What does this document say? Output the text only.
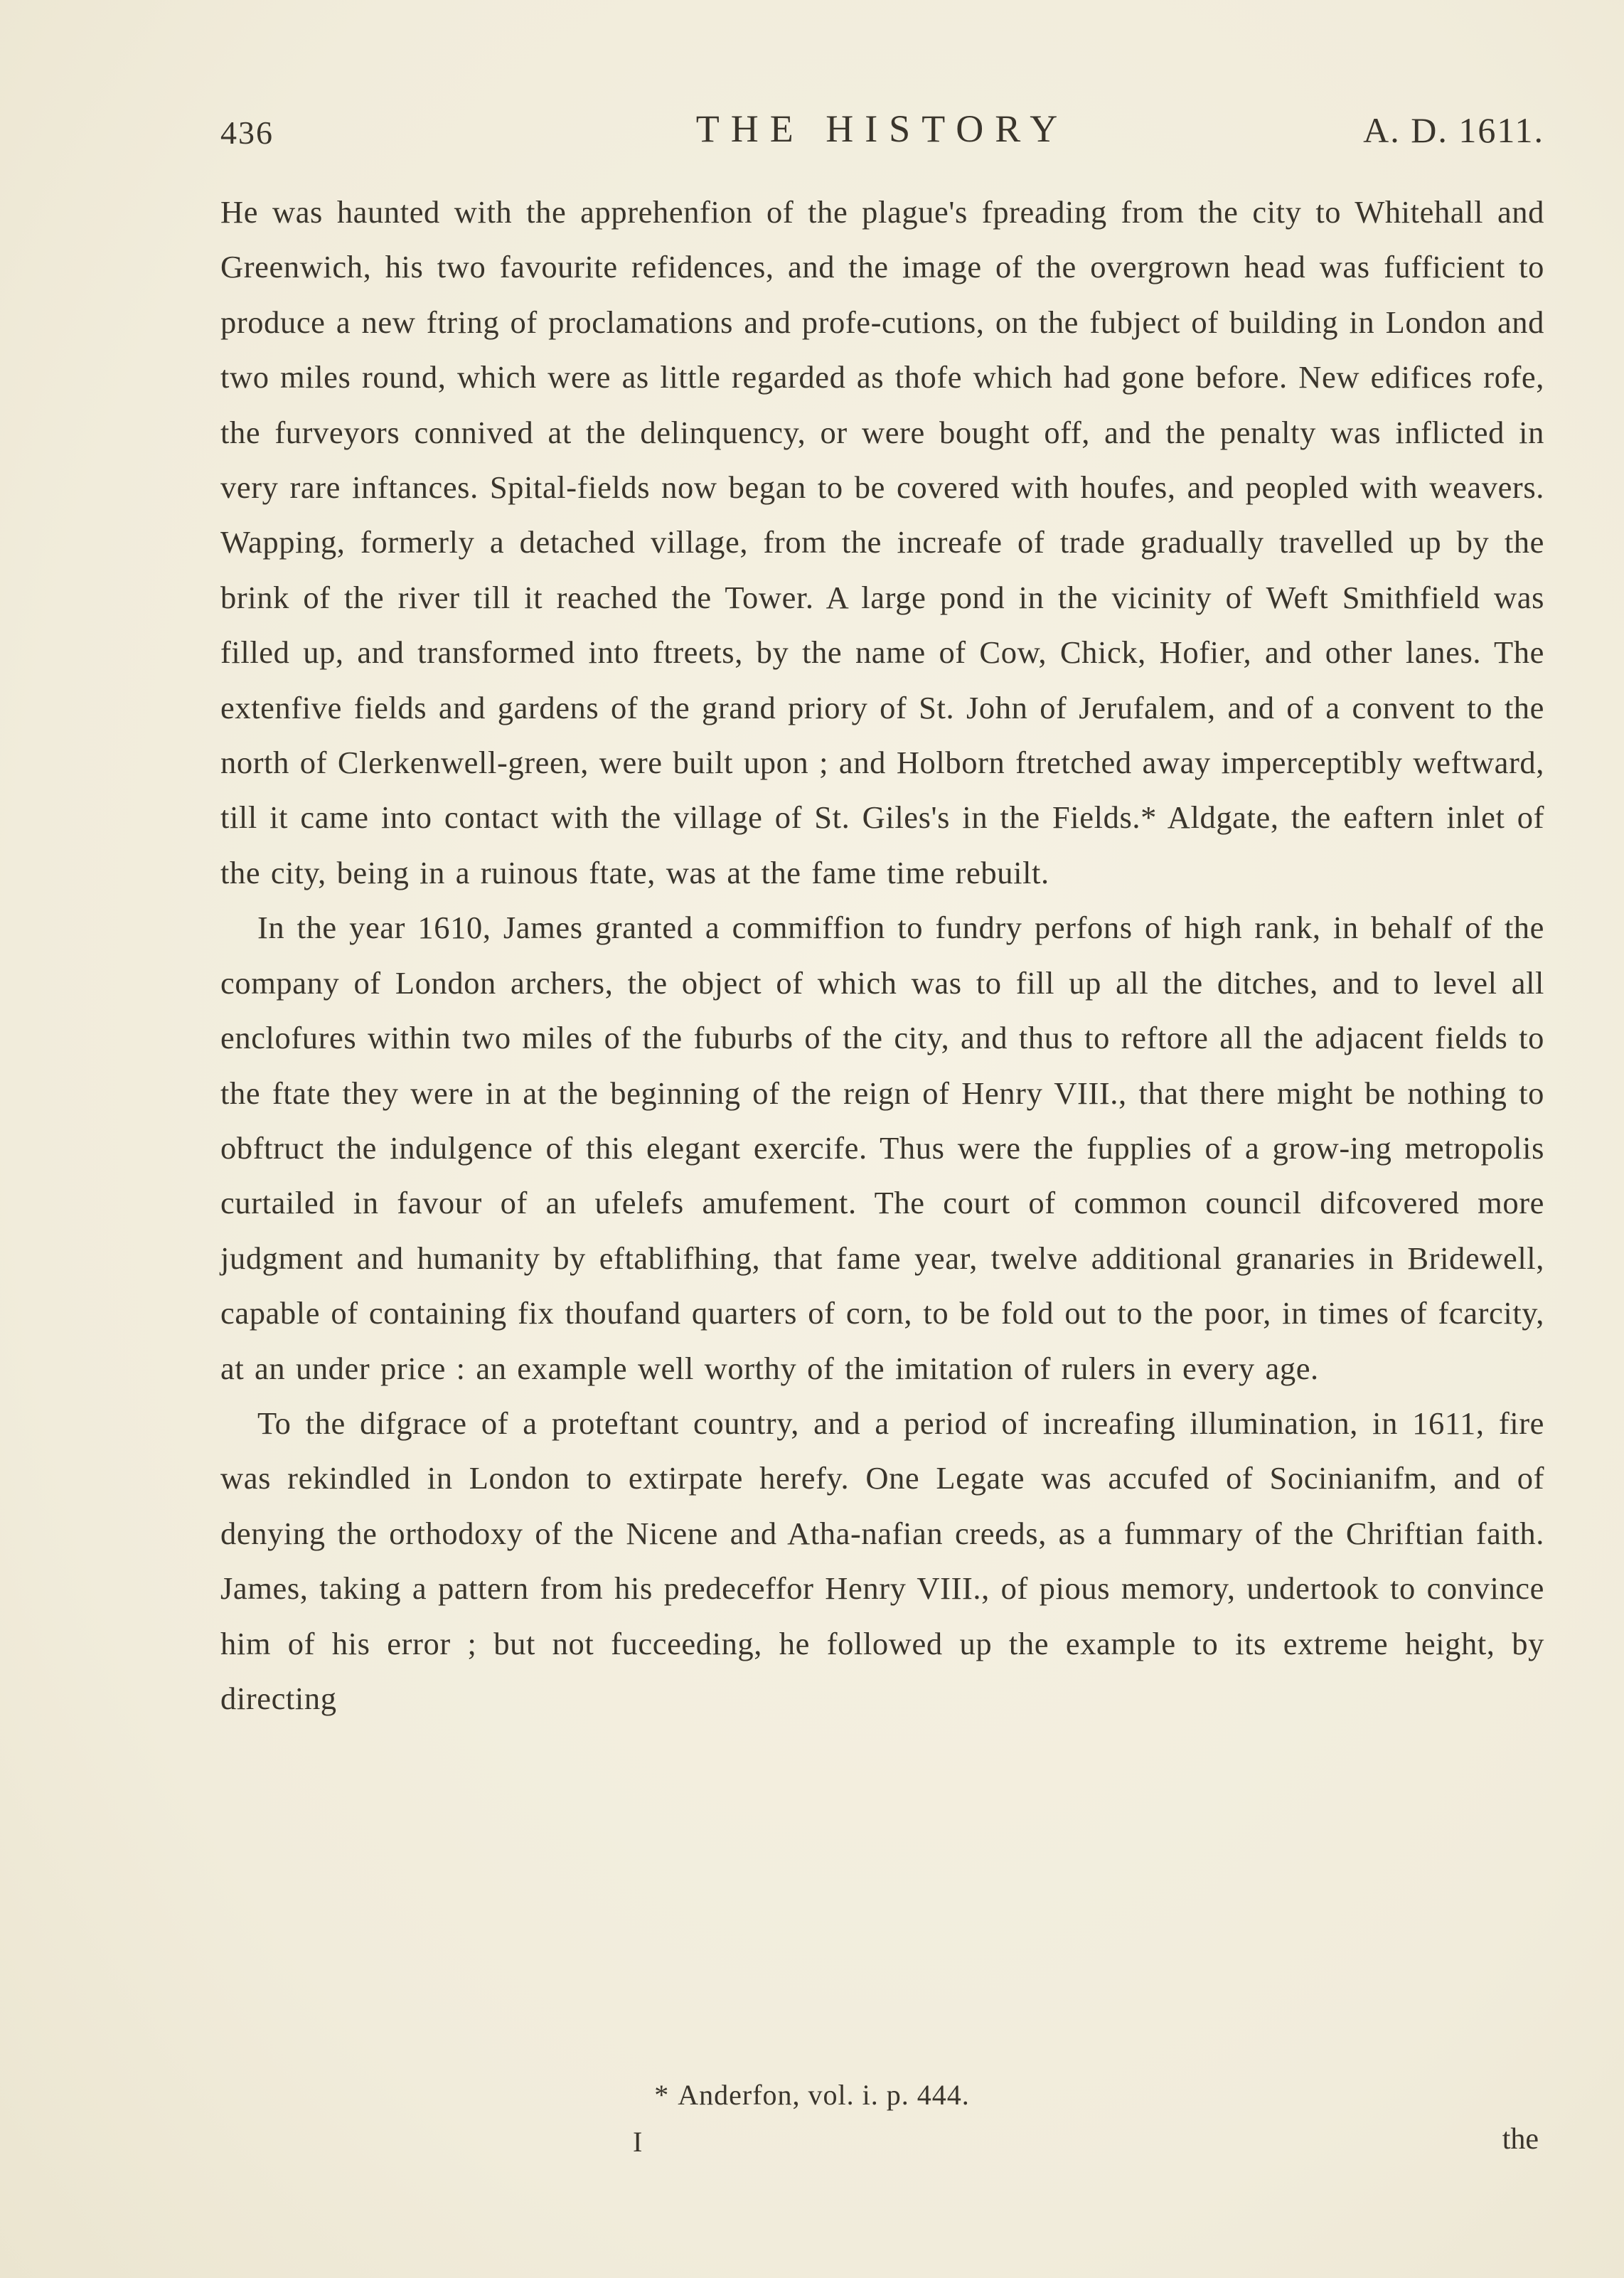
436	THE HISTORY	A. D. 1611.

He was haunted with the apprehenfion of the plague's fpreading from the city to Whitehall and Greenwich, his two favourite refidences, and the image of the overgrown head was fufficient to produce a new ftring of proclamations and profe-cutions, on the fubject of building in London and two miles round, which were as little regarded as thofe which had gone before. New edifices rofe, the furveyors connived at the delinquency, or were bought off, and the penalty was inflicted in very rare inftances. Spital-fields now began to be covered with houfes, and peopled with weavers. Wapping, formerly a detached village, from the increafe of trade gradually travelled up by the brink of the river till it reached the Tower. A large pond in the vicinity of Weft Smithfield was filled up, and transformed into ftreets, by the name of Cow, Chick, Hofier, and other lanes. The extenfive fields and gardens of the grand priory of St. John of Jerufalem, and of a convent to the north of Clerkenwell-green, were built upon ; and Holborn ftretched away imperceptibly weftward, till it came into contact with the village of St. Giles's in the Fields.* Aldgate, the eaftern inlet of the city, being in a ruinous ftate, was at the fame time rebuilt.

In the year 1610, James granted a commiffion to fundry perfons of high rank, in behalf of the company of London archers, the object of which was to fill up all the ditches, and to level all enclofures within two miles of the fuburbs of the city, and thus to reftore all the adjacent fields to the ftate they were in at the beginning of the reign of Henry VIII., that there might be nothing to obftruct the indulgence of this elegant exercife. Thus were the fupplies of a grow-ing metropolis curtailed in favour of an ufelefs amufement. The court of common council difcovered more judgment and humanity by eftablifhing, that fame year, twelve additional granaries in Bridewell, capable of containing fix thoufand quarters of corn, to be fold out to the poor, in times of fcarcity, at an under price : an example well worthy of the imitation of rulers in every age.

To the difgrace of a proteftant country, and a period of increafing illumination, in 1611, fire was rekindled in London to extirpate herefy. One Legate was accufed of Socinianifm, and of denying the orthodoxy of the Nicene and Atha-nafian creeds, as a fummary of the Chriftian faith. James, taking a pattern from his predeceffor Henry VIII., of pious memory, undertook to convince him of his error ; but not fucceeding, he followed up the example to its extreme height, by directing

* Anderfon, vol. i. p. 444.
I	the
